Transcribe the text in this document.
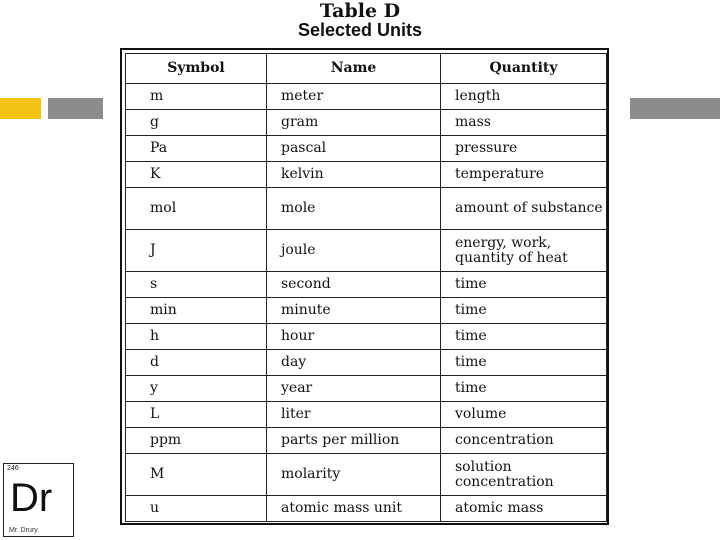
Table D
Selected Units
Symbol	Name	Quantity
m	meter	length
g	gram	mass
Pa	pascal	pressure
K	kelvin	temperature
mol	mole	amount of substance
J	joule	energy, work, quantity of heat
s	second	time
min	minute	time
h	hour	time
d	day	time
y	year	time
L	liter	volume
ppm	parts per million	concentration
M	molarity	solution concentration
u	atomic mass unit	atomic mass
246
Dr
Mr. Drury
